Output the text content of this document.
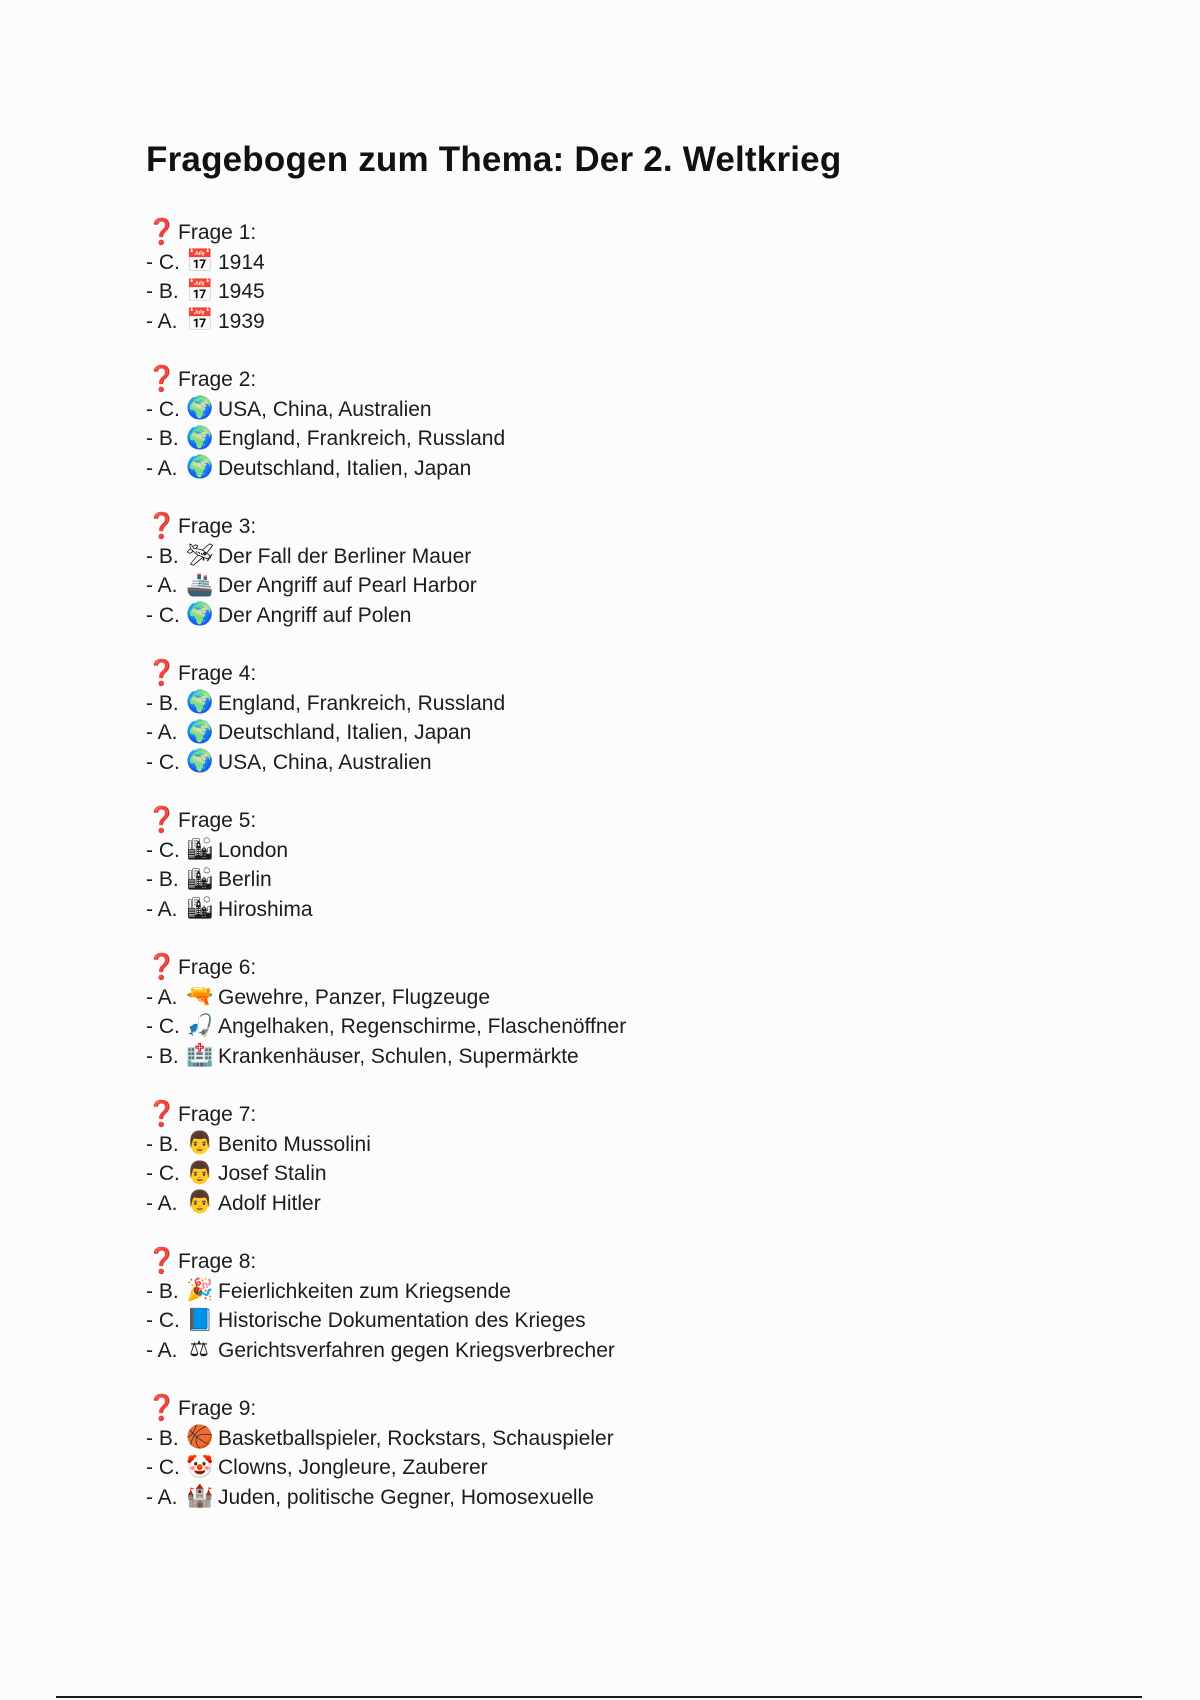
Fragebogen zum Thema: Der 2. Weltkrieg
❓ Frage 1:
- C. 📅 1914
- B. 📅 1945
- A. 📅 1939
❓ Frage 2:
- C. 🌍 USA, China, Australien
- B. 🌍 England, Frankreich, Russland
- A. 🌍 Deutschland, Italien, Japan
❓ Frage 3:
- B. 🛩 Der Fall der Berliner Mauer
- A. 🚢 Der Angriff auf Pearl Harbor
- C. 🌍 Der Angriff auf Polen
❓ Frage 4:
- B. 🌍 England, Frankreich, Russland
- A. 🌍 Deutschland, Italien, Japan
- C. 🌍 USA, China, Australien
❓ Frage 5:
- C. 🏙 London
- B. 🏙 Berlin
- A. 🏙 Hiroshima
❓ Frage 6:
- A. 🔫 Gewehre, Panzer, Flugzeuge
- C. 🎣 Angelhaken, Regenschirme, Flaschenöffner
- B. 🏥 Krankenhäuser, Schulen, Supermärkte
❓ Frage 7:
- B. 👨 Benito Mussolini
- C. 👨 Josef Stalin
- A. 👨 Adolf Hitler
❓ Frage 8:
- B. 🎉 Feierlichkeiten zum Kriegsende
- C. 📘 Historische Dokumentation des Krieges
- A. ⚖ Gerichtsverfahren gegen Kriegsverbrecher
❓ Frage 9:
- B. 🏀 Basketballspieler, Rockstars, Schauspieler
- C. 🤡 Clowns, Jongleure, Zauberer
- A. 🏰 Juden, politische Gegner, Homosexuelle
